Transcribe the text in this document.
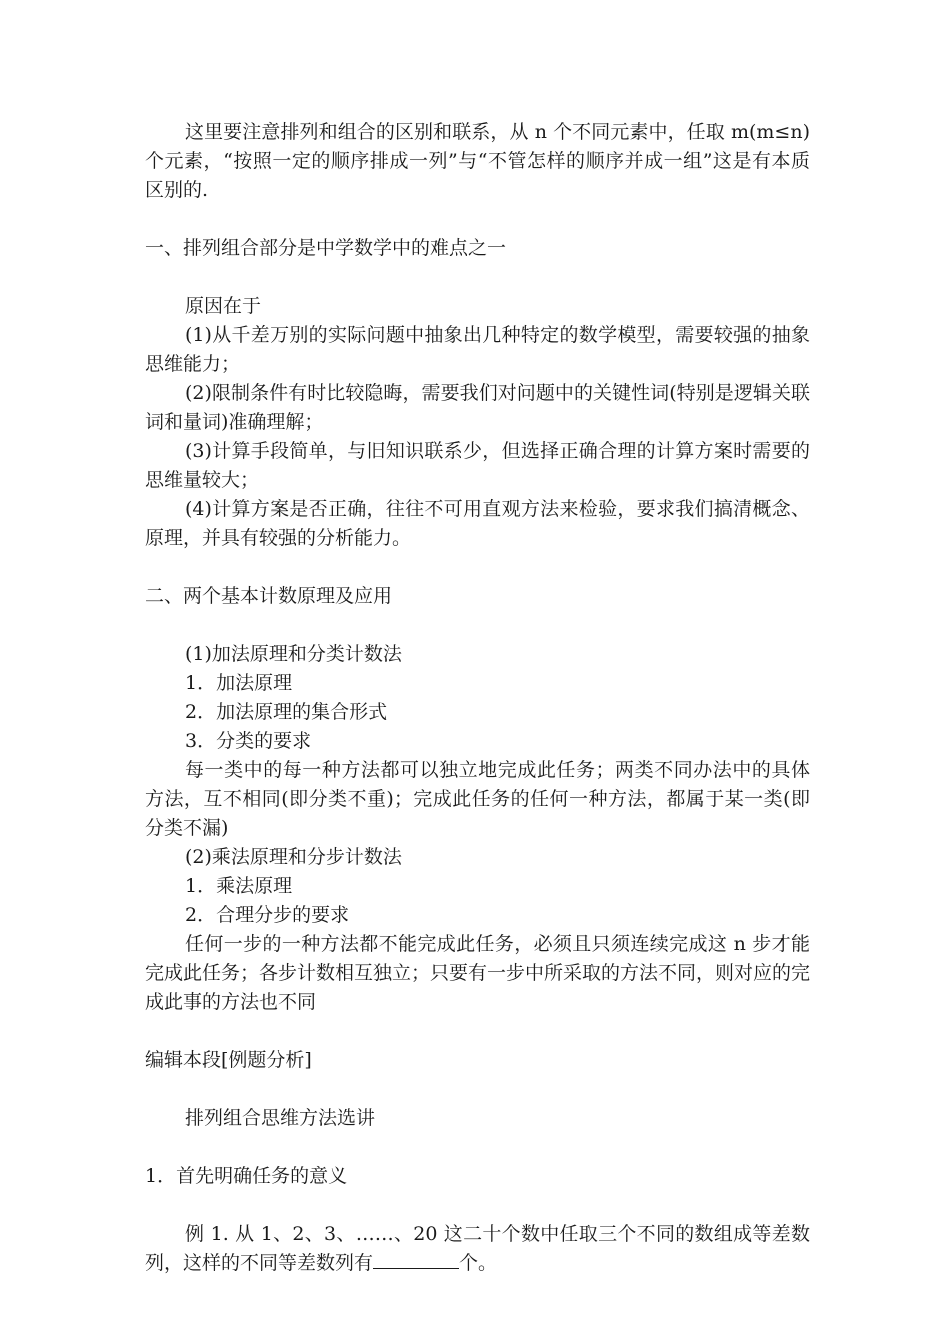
这里要注意排列和组合的区别和联系，从 n 个不同元素中，任取 m(m≤n)个元素，“按照一定的顺序排成一列”与“不管怎样的顺序并成一组”这是有本质区别的.

一、排列组合部分是中学数学中的难点之一

原因在于

(1)从千差万别的实际问题中抽象出几种特定的数学模型，需要较强的抽象思维能力；

(2)限制条件有时比较隐晦，需要我们对问题中的关键性词(特别是逻辑关联词和量词)准确理解；

(3)计算手段简单，与旧知识联系少，但选择正确合理的计算方案时需要的思维量较大；

(4)计算方案是否正确，往往不可用直观方法来检验，要求我们搞清概念、原理，并具有较强的分析能力。

二、两个基本计数原理及应用

(1)加法原理和分类计数法

1．加法原理

2．加法原理的集合形式

3．分类的要求

每一类中的每一种方法都可以独立地完成此任务；两类不同办法中的具体方法，互不相同(即分类不重)；完成此任务的任何一种方法，都属于某一类(即分类不漏)

(2)乘法原理和分步计数法

1．乘法原理

2．合理分步的要求

任何一步的一种方法都不能完成此任务，必须且只须连续完成这 n 步才能完成此任务；各步计数相互独立；只要有一步中所采取的方法不同，则对应的完成此事的方法也不同

编辑本段[例题分析]

排列组合思维方法选讲

1．首先明确任务的意义

例 1. 从 1、2、3、……、20 这二十个数中任取三个不同的数组成等差数列，这样的不同等差数列有	个。
